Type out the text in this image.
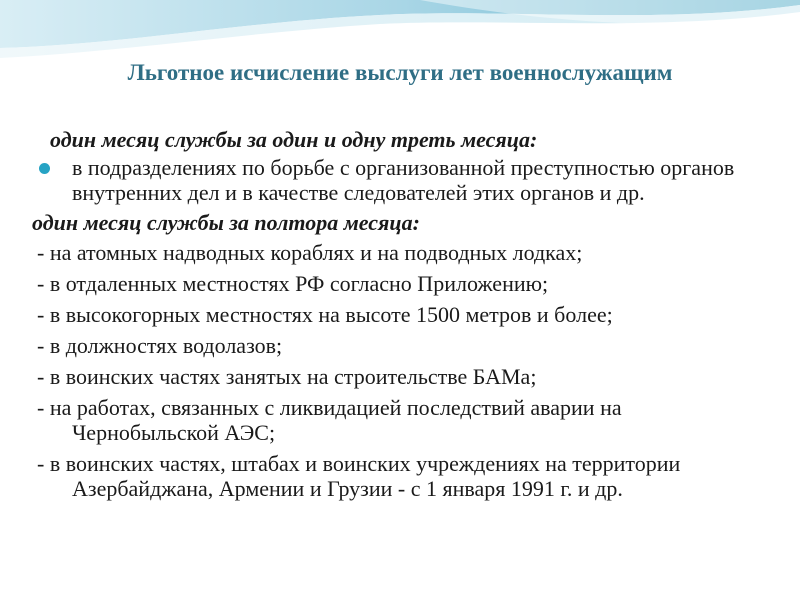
Льготное исчисление выслуги лет военнослужащим
один месяц службы за один и одну треть месяца:
в подразделениях по борьбе с организованной преступностью органов внутренних дел и в качестве следователей этих органов и др.
один месяц службы за полтора месяца:
- на атомных надводных кораблях и на подводных лодках;
- в отдаленных местностях РФ согласно Приложению;
- в высокогорных местностях на высоте 1500 метров и более;
- в должностях водолазов;
- в воинских частях занятых на строительстве БАМа;
- на работах, связанных с ликвидацией последствий аварии на Чернобыльской АЭС;
- в воинских частях, штабах и воинских учреждениях на территории Азербайджана, Армении и Грузии - с 1 января 1991 г. и др.
